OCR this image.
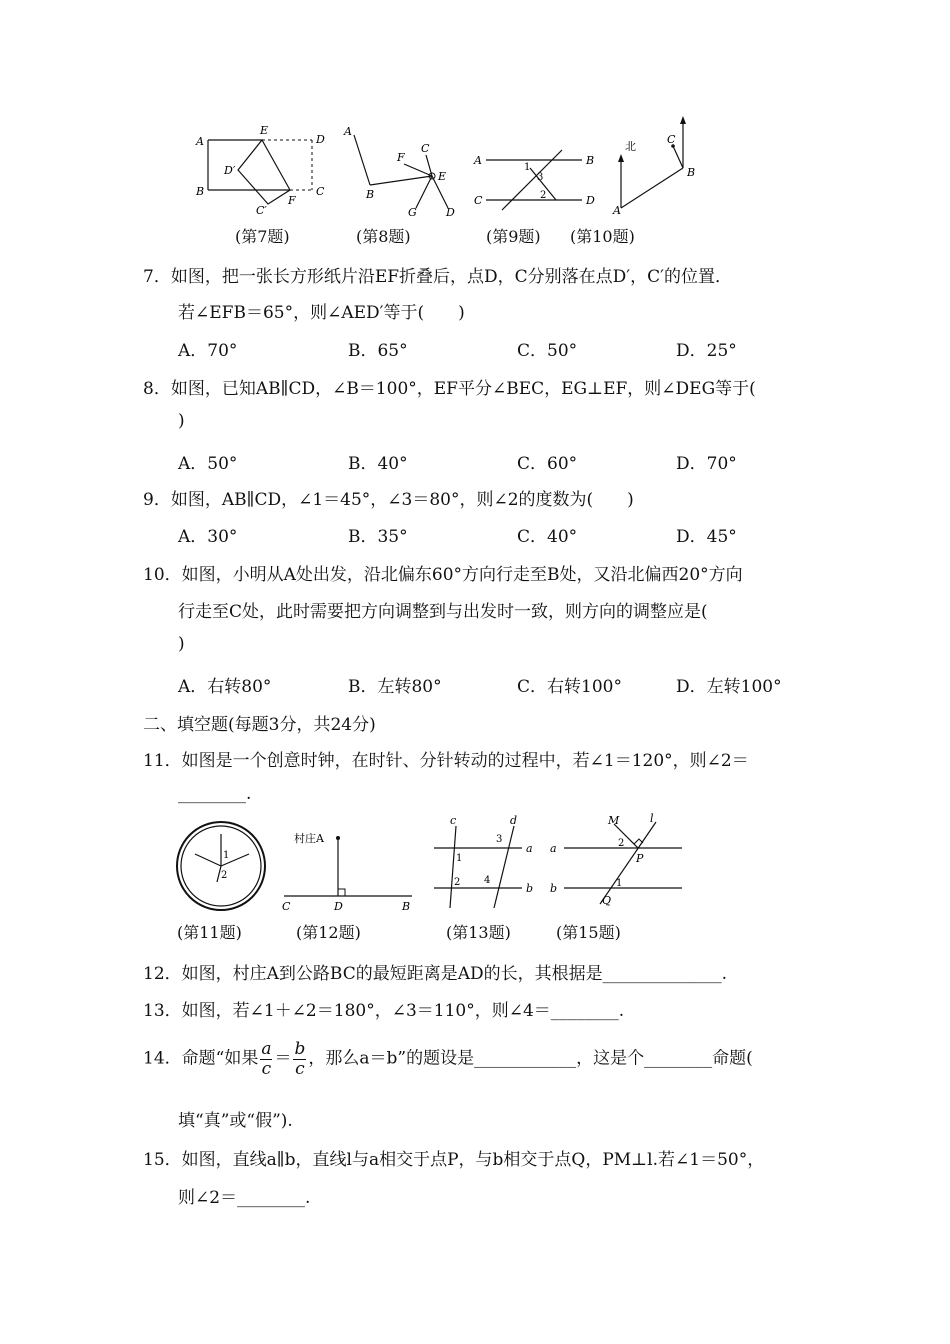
A
E
D
D′
B
C′
F
C
A
F
C
E
B
G	D
A	B
C	D
1
3
2
北
C
B
A
(第7题)	(第8题)	(第9题) (第10题)
7．如图，把一张长方形纸片沿EF折叠后，点D，C分别落在点D′，C′的位置．
若∠EFB＝65°，则∠AED′等于(　　)
A．70°	B．65°	C．50°	D．25°
8．如图，已知AB∥CD，∠B＝100°，EF平分∠BEC，EG⊥EF，则∠DEG等于(
)
A．50°	B．40°	C．60°	D．70°
9．如图，AB∥CD，∠1＝45°，∠3＝80°，则∠2的度数为(　　)
A．30°	B．35°	C．40°	D．45°
10．如图，小明从A处出发，沿北偏东60°方向行走至B处，又沿北偏西20°方向
行走至C处，此时需要把方向调整到与出发时一致，则方向的调整应是(
)
A．右转80°	B．左转80°	C．右转100°	D．左转100°
二、填空题(每题3分，共24分)
11．如图是一个创意时钟，在时针、分针转动的过程中，若∠1＝120°，则∠2＝
________.
1
2
村庄A
C	D	B
c	d
3
a
1
2 4
b
M	l
a	2
P
b	1
Q
(第11题)	(第12题)	(第13题)	(第15题)
12．如图，村庄A到公路BC的最短距离是AD的长，其根据是______________.
13．如图，若∠1＋∠2＝180°，∠3＝110°，则∠4＝________.
14．命题“如果 $\frac{a}{c} = \frac{b}{c}$ ，那么a＝b”的题设是____________，这是个________命题(
填“真”或“假”).
15．如图，直线a∥b，直线l与a相交于点P，与b相交于点Q，PM⊥l.若∠1＝50°，
则∠2＝________.
